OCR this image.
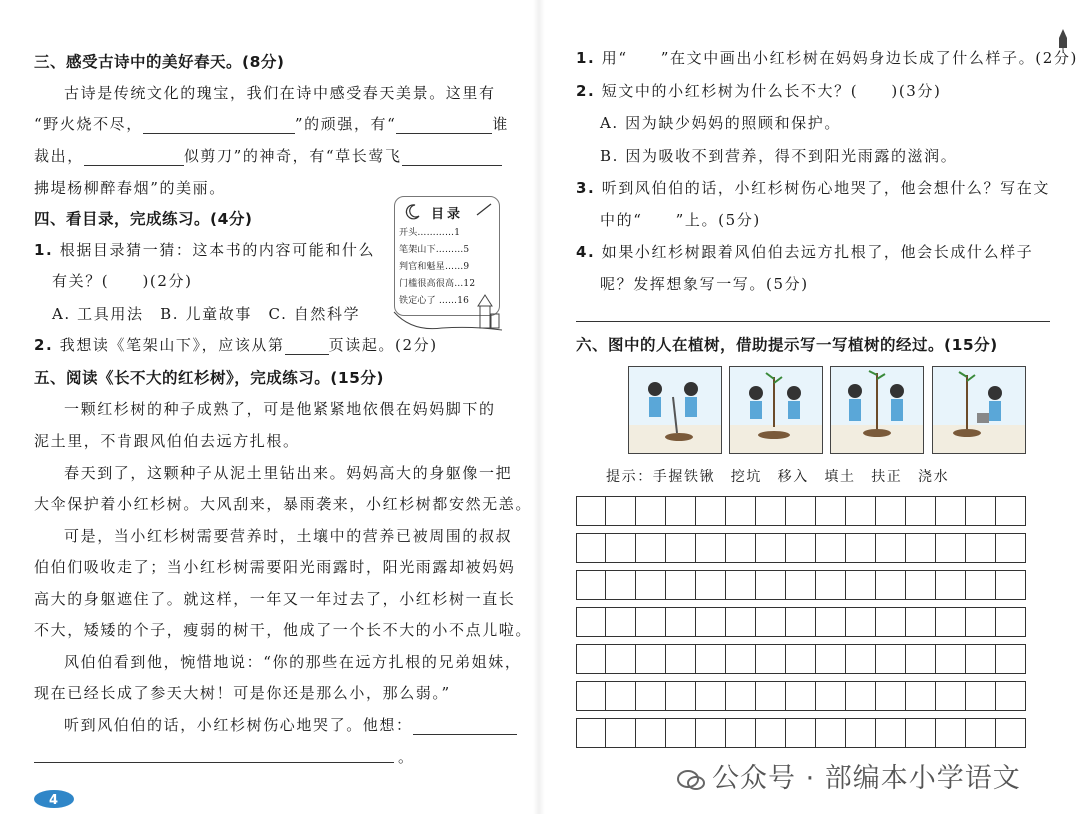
三、感受古诗中的美好春天。(8分)
古诗是传统文化的瑰宝，我们在诗中感受春天美景。这里有
“野火烧不尽，	”的顽强，有“	谁
裁出，	似剪刀”的神奇，有“草长莺飞
拂堤杨柳醉春烟”的美丽。
四、看目录，完成练习。(4分)
1. 根据目录猜一猜：这本书的内容可能和什么
有关？(　　)(2分)
A. 工具用法　B. 儿童故事　C. 自然科学
2. 我想读《笔架山下》，应该从第	页读起。(2分)
目录
开头…………1
笔架山下………5
判官和魁星……9
门槛很高很高…12
铁定心了 ……16
五、阅读《长不大的红杉树》，完成练习。(15分)
一颗红杉树的种子成熟了，可是他紧紧地依偎在妈妈脚下的
泥土里，不肯跟风伯伯去远方扎根。
春天到了，这颗种子从泥土里钻出来。妈妈高大的身躯像一把
大伞保护着小红杉树。大风刮来，暴雨袭来，小红杉树都安然无恙。
可是，当小红杉树需要营养时，土壤中的营养已被周围的叔叔
伯伯们吸收走了；当小红杉树需要阳光雨露时，阳光雨露却被妈妈
高大的身躯遮住了。就这样，一年又一年过去了，小红杉树一直长
不大，矮矮的个子，瘦弱的树干，他成了一个长不大的小不点儿啦。
风伯伯看到他，惋惜地说：“你的那些在远方扎根的兄弟姐妹，
现在已经长成了参天大树！可是你还是那么小，那么弱。”
听到风伯伯的话，小红杉树伤心地哭了。他想：
。
4
1. 用“　　”在文中画出小红杉树在妈妈身边长成了什么样子。(2分)
2. 短文中的小红杉树为什么长不大？(　　)(3分)
A. 因为缺少妈妈的照顾和保护。
B. 因为吸收不到营养，得不到阳光雨露的滋润。
3. 听到风伯伯的话，小红杉树伤心地哭了，他会想什么？写在文
中的“　　”上。(5分)
4. 如果小红杉树跟着风伯伯去远方扎根了，他会长成什么样子
呢？发挥想象写一写。(5分)
六、图中的人在植树，借助提示写一写植树的经过。(15分)
提示：手握铁锹　挖坑　移入　填土　扶正　浇水
公众号 · 部编本小学语文
